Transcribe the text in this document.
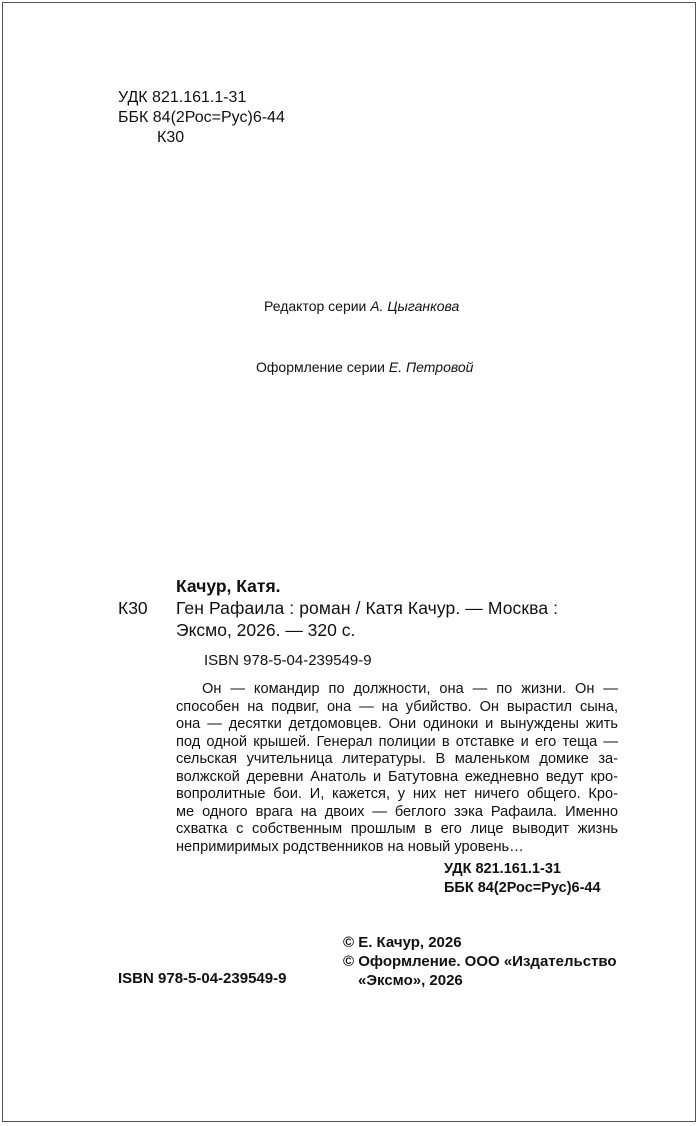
УДК 821.161.1-31
ББК 84(2Рос=Рус)6-44
К30
Редактор серии А. Цыганкова
Оформление серии Е. Петровой
Качур, Катя.
К30 Ген Рафаила : роман / Катя Качур. — Москва :
Эксмо, 2026. — 320 с.
ISBN 978-5-04-239549-9
Он — командир по должности, она — по жизни. Он —
способен на подвиг, она — на убийство. Он вырастил сына,
она — десятки детдомовцев. Они одиноки и вынуждены жить
под одной крышей. Генерал полиции в отставке и его теща —
сельская учительница литературы. В маленьком домике за-
волжской деревни Анатоль и Батутовна ежедневно ведут кро-
вопролитные бои. И, кажется, у них нет ничего общего. Кро-
ме одного врага на двоих — беглого зэка Рафаила. Именно
схватка с собственным прошлым в его лице выводит жизнь
непримиримых родственников на новый уровень…
УДК 821.161.1-31
ББК 84(2Рос=Рус)6-44
© Е. Качур, 2026
© Оформление. ООО «Издательство
«Эксмо», 2026
ISBN 978-5-04-239549-9
